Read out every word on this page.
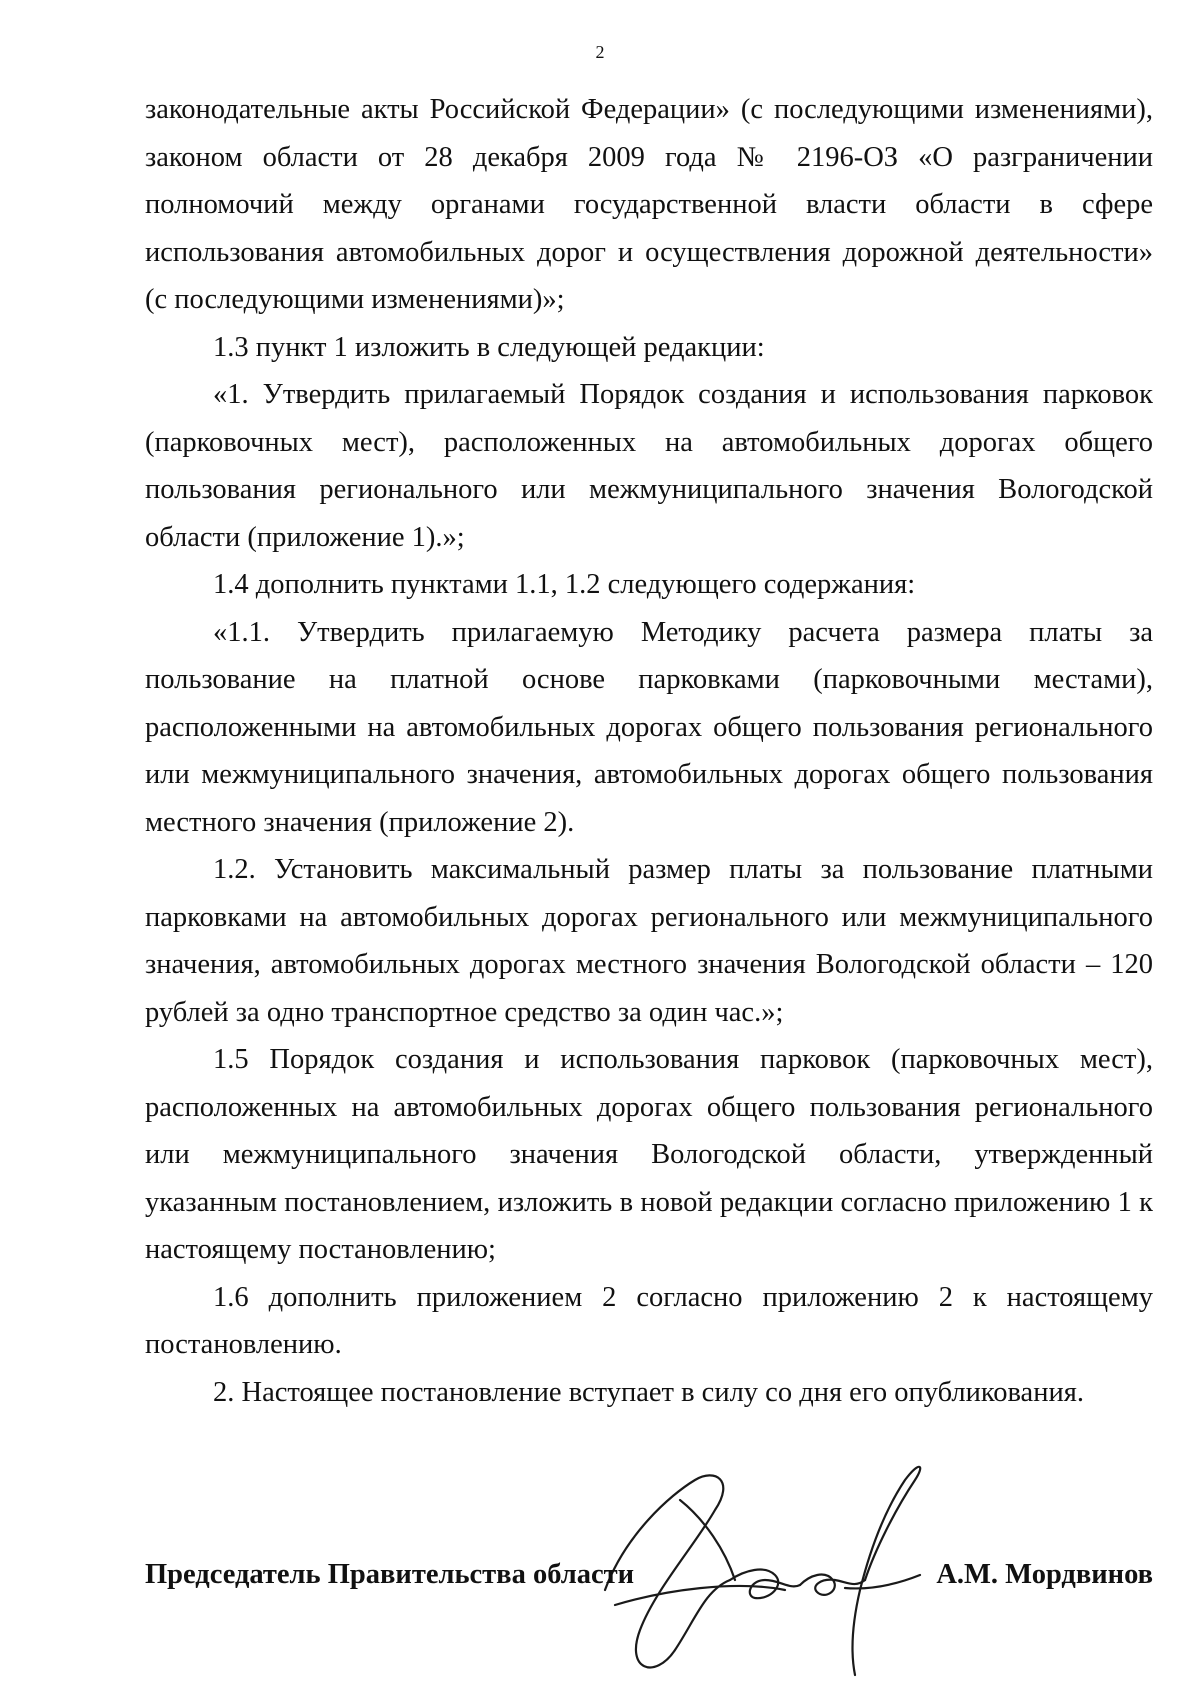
2

законодательные акты Российской Федерации» (с последующими изменениями), законом области от 28 декабря 2009 года № 2196-ОЗ «О разграничении полномочий между органами государственной власти области в сфере использования автомобильных дорог и осуществления дорожной деятельности» (с последующими изменениями)»;

1.3 пункт 1 изложить в следующей редакции:

«1. Утвердить прилагаемый Порядок создания и использования парковок (парковочных мест), расположенных на автомобильных дорогах общего пользования регионального или межмуниципального значения Вологодской области (приложение 1).»;

1.4 дополнить пунктами 1.1, 1.2 следующего содержания:

«1.1. Утвердить прилагаемую Методику расчета размера платы за пользование на платной основе парковками (парковочными местами), расположенными на автомобильных дорогах общего пользования регионального или межмуниципального значения, автомобильных дорогах общего пользования местного значения (приложение 2).

1.2. Установить максимальный размер платы за пользование платными парковками на автомобильных дорогах регионального или межмуниципального значения, автомобильных дорогах местного значения Вологодской области – 120 рублей за одно транспортное средство за один час.»;

1.5 Порядок создания и использования парковок (парковочных мест), расположенных на автомобильных дорогах общего пользования регионального или межмуниципального значения Вологодской области, утвержденный указанным постановлением, изложить в новой редакции согласно приложению 1 к настоящему постановлению;

1.6 дополнить приложением 2 согласно приложению 2 к настоящему постановлению.

2. Настоящее постановление вступает в силу со дня его опубликования.

Председатель Правительства области	А.М. Мордвинов
